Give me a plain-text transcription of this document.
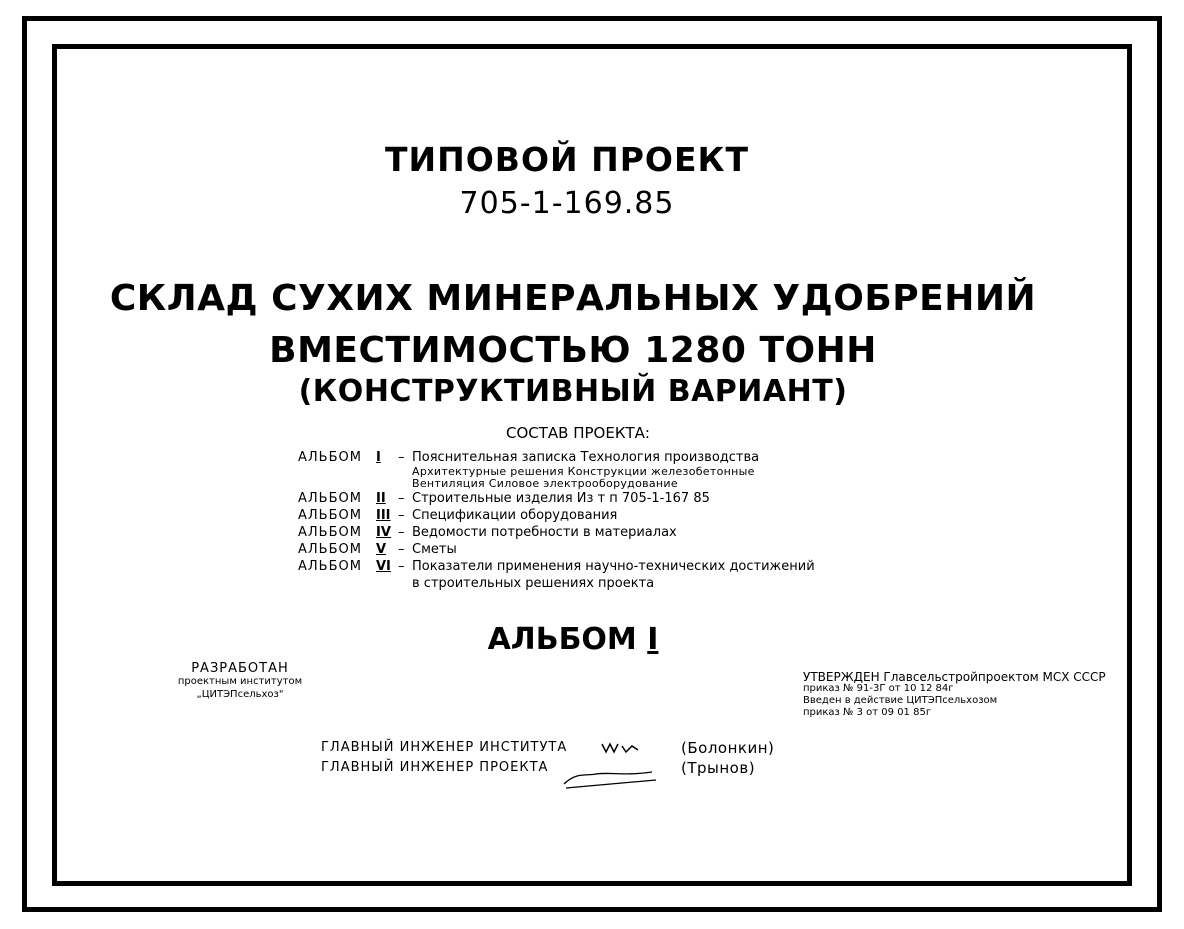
ТИПОВОЙ ПРОЕКТ
705-1-169.85
СКЛАД СУХИХ МИНЕРАЛЬНЫХ УДОБРЕНИЙ
ВМЕСТИМОСТЬЮ 1280 ТОНН
(КОНСТРУКТИВНЫЙ ВАРИАНТ)
СОСТАВ ПРОЕКТА:
АЛЬБОМ	I	– Пояснительная записка Технология производства
Архитектурные решения Конструкции железобетонные
Вентиляция Силовое электрооборудование
АЛЬБОМ	II – Строительные изделия Из т п 705-1-167 85
АЛЬБОМ	III – Спецификации оборудования
АЛЬБОМ	IV – Ведомости потребности в материалах
АЛЬБОМ	V – Сметы
АЛЬБОМ	VI – Показатели применения научно-технических достижений
в строительных решениях проекта
АЛЬБОМ I
РАЗРАБОТАН
проектным институтом
„ЦИТЭПсельхоз"
УТВЕРЖДЕН Главсельстройпроектом МСХ СССР
приказ № 91-3Г от 10 12 84г
Введен в действие ЦИТЭПсельхозом
приказ № 3 от 09 01 85г
ГЛАВНЫЙ ИНЖЕНЕР ИНСТИТУТА	(Болонкин)
ГЛАВНЫЙ ИНЖЕНЕР ПРОЕКТА	(Трынов)
